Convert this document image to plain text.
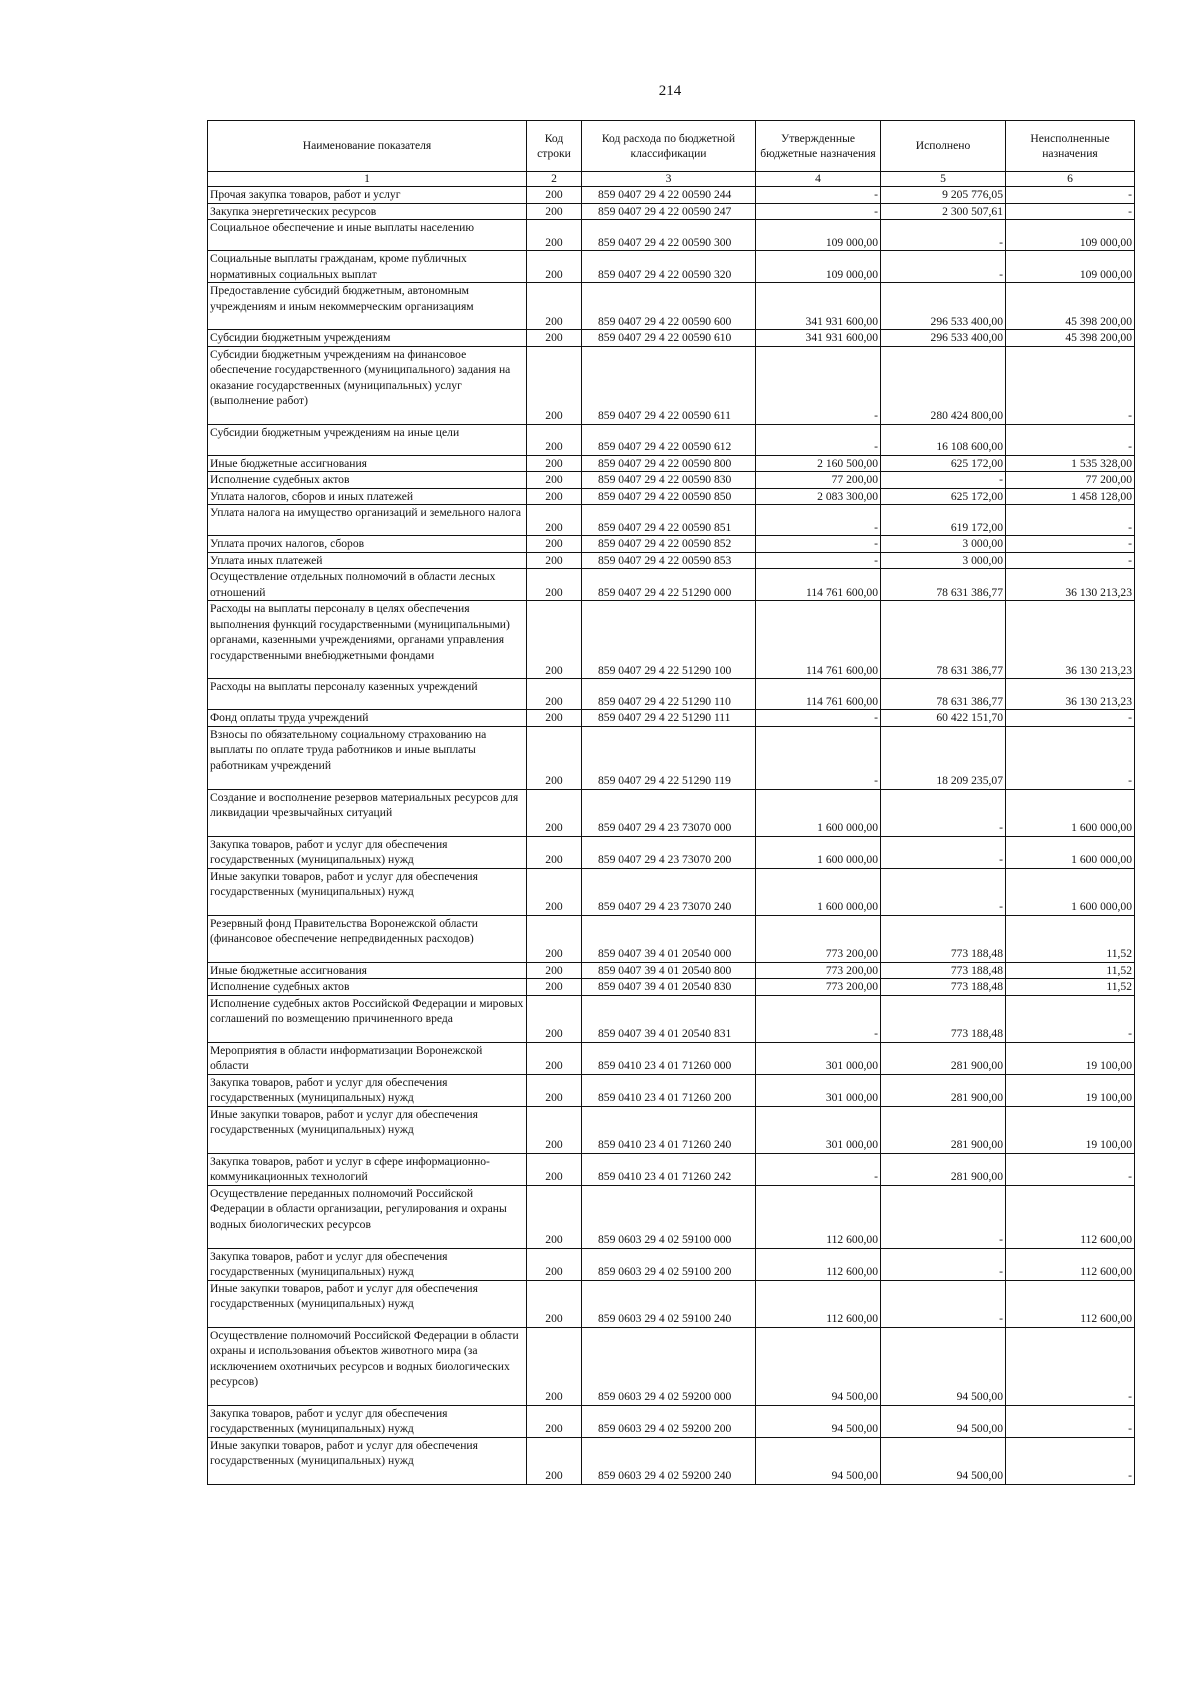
214
Наименование показателя	Код строки	Код расхода по бюджетной классификации	Утвержденные бюджетные назначения	Исполнено	Неисполненные назначения
1	2	3	4	5	6
Прочая закупка товаров, работ и услуг	200	859 0407 29 4 22 00590 244	-	9 205 776,05	-
Закупка энергетических ресурсов	200	859 0407 29 4 22 00590 247	-	2 300 507,61	-
Социальное обеспечение и иные выплаты населению	200	859 0407 29 4 22 00590 300	109 000,00	-	109 000,00
Социальные выплаты гражданам, кроме публичных нормативных социальных выплат	200	859 0407 29 4 22 00590 320	109 000,00	-	109 000,00
Предоставление субсидий бюджетным, автономным учреждениям и иным некоммерческим организациям	200	859 0407 29 4 22 00590 600	341 931 600,00	296 533 400,00	45 398 200,00
Субсидии бюджетным учреждениям	200	859 0407 29 4 22 00590 610	341 931 600,00	296 533 400,00	45 398 200,00
Субсидии бюджетным учреждениям на финансовое обеспечение государственного (муниципального) задания на оказание государственных (муниципальных) услуг (выполнение работ)	200	859 0407 29 4 22 00590 611	-	280 424 800,00	-
Субсидии бюджетным учреждениям на иные цели	200	859 0407 29 4 22 00590 612	-	16 108 600,00	-
Иные бюджетные ассигнования	200	859 0407 29 4 22 00590 800	2 160 500,00	625 172,00	1 535 328,00
Исполнение судебных актов	200	859 0407 29 4 22 00590 830	77 200,00	-	77 200,00
Уплата налогов, сборов и иных платежей	200	859 0407 29 4 22 00590 850	2 083 300,00	625 172,00	1 458 128,00
Уплата налога на имущество организаций и земельного налога	200	859 0407 29 4 22 00590 851	-	619 172,00	-
Уплата прочих налогов, сборов	200	859 0407 29 4 22 00590 852	-	3 000,00	-
Уплата иных платежей	200	859 0407 29 4 22 00590 853	-	3 000,00	-
Осуществление отдельных полномочий в области лесных отношений	200	859 0407 29 4 22 51290 000	114 761 600,00	78 631 386,77	36 130 213,23
Расходы на выплаты персоналу в целях обеспечения выполнения функций государственными (муниципальными) органами, казенными учреждениями, органами управления государственными внебюджетными фондами	200	859 0407 29 4 22 51290 100	114 761 600,00	78 631 386,77	36 130 213,23
Расходы на выплаты персоналу казенных учреждений	200	859 0407 29 4 22 51290 110	114 761 600,00	78 631 386,77	36 130 213,23
Фонд оплаты труда учреждений	200	859 0407 29 4 22 51290 111	-	60 422 151,70	-
Взносы по обязательному социальному страхованию на выплаты по оплате труда работников и иные выплаты работникам учреждений	200	859 0407 29 4 22 51290 119	-	18 209 235,07	-
Создание и восполнение резервов материальных ресурсов для ликвидации чрезвычайных ситуаций	200	859 0407 29 4 23 73070 000	1 600 000,00	-	1 600 000,00
Закупка товаров, работ и услуг для обеспечения государственных (муниципальных) нужд	200	859 0407 29 4 23 73070 200	1 600 000,00	-	1 600 000,00
Иные закупки товаров, работ и услуг для обеспечения государственных (муниципальных) нужд	200	859 0407 29 4 23 73070 240	1 600 000,00	-	1 600 000,00
Резервный фонд Правительства Воронежской области (финансовое обеспечение непредвиденных расходов)	200	859 0407 39 4 01 20540 000	773 200,00	773 188,48	11,52
Иные бюджетные ассигнования	200	859 0407 39 4 01 20540 800	773 200,00	773 188,48	11,52
Исполнение судебных актов	200	859 0407 39 4 01 20540 830	773 200,00	773 188,48	11,52
Исполнение судебных актов Российской Федерации и мировых соглашений по возмещению причиненного вреда	200	859 0407 39 4 01 20540 831	-	773 188,48	-
Мероприятия в области информатизации Воронежской области	200	859 0410 23 4 01 71260 000	301 000,00	281 900,00	19 100,00
Закупка товаров, работ и услуг для обеспечения государственных (муниципальных) нужд	200	859 0410 23 4 01 71260 200	301 000,00	281 900,00	19 100,00
Иные закупки товаров, работ и услуг для обеспечения государственных (муниципальных) нужд	200	859 0410 23 4 01 71260 240	301 000,00	281 900,00	19 100,00
Закупка товаров, работ и услуг в сфере информационно-коммуникационных технологий	200	859 0410 23 4 01 71260 242	-	281 900,00	-
Осуществление переданных полномочий Российской Федерации в области организации, регулирования и охраны водных биологических ресурсов	200	859 0603 29 4 02 59100 000	112 600,00	-	112 600,00
Закупка товаров, работ и услуг для обеспечения государственных (муниципальных) нужд	200	859 0603 29 4 02 59100 200	112 600,00	-	112 600,00
Иные закупки товаров, работ и услуг для обеспечения государственных (муниципальных) нужд	200	859 0603 29 4 02 59100 240	112 600,00	-	112 600,00
Осуществление полномочий Российской Федерации в области охраны и использования объектов животного мира (за исключением охотничьих ресурсов и водных биологических ресурсов)	200	859 0603 29 4 02 59200 000	94 500,00	94 500,00	-
Закупка товаров, работ и услуг для обеспечения государственных (муниципальных) нужд	200	859 0603 29 4 02 59200 200	94 500,00	94 500,00	-
Иные закупки товаров, работ и услуг для обеспечения государственных (муниципальных) нужд	200	859 0603 29 4 02 59200 240	94 500,00	94 500,00	-
